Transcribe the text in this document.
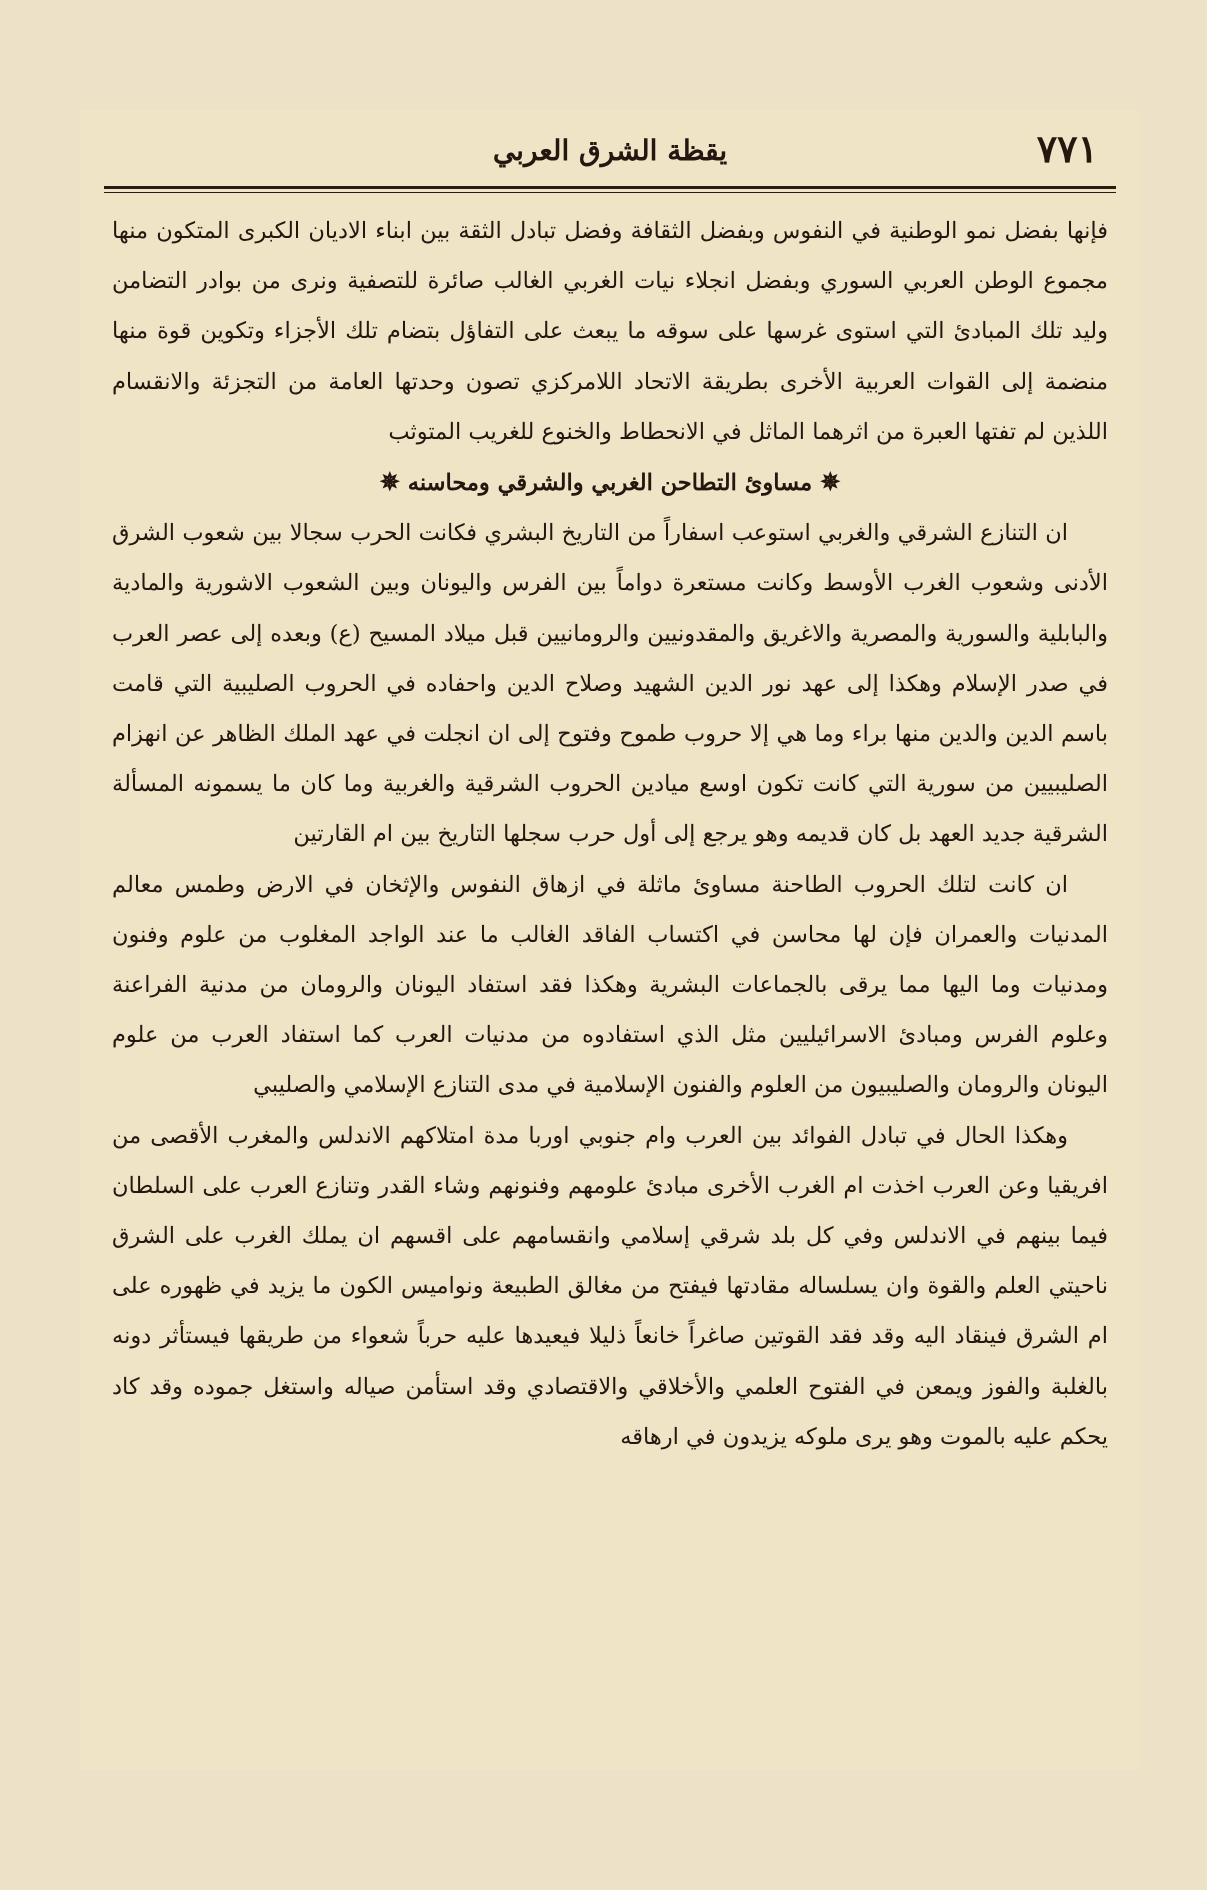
٧٧١
يقظة الشرق العربي

فإنها بفضل نمو الوطنية في النفوس وبفضل الثقافة وفضل تبادل الثقة بين ابناء الاديان الكبرى المتكون منها مجموع الوطن العربي السوري وبفضل انجلاء نيات الغربي الغالب صائرة للتصفية ونرى من بوادر التضامن وليد تلك المبادئ التي استوى غرسها على سوقه ما يبعث على التفاؤل بتضام تلك الأجزاء وتكوين قوة منها منضمة إلى القوات العربية الأخرى بطريقة الاتحاد اللامركزي تصون وحدتها العامة من التجزئة والانقسام اللذين لم تفتها العبرة من اثرهما الماثل في الانحطاط والخنوع للغريب المتوثب

✵مساوئ التطاحن الغربي والشرقي ومحاسنه✵

ان التنازع الشرقي والغربي استوعب اسفاراً من التاريخ البشري فكانت الحرب سجالا بين شعوب الشرق الأدنى وشعوب الغرب الأوسط وكانت مستعرة دواماً بين الفرس واليونان وبين الشعوب الاشورية والمادية والبابلية والسورية والمصرية والاغريق والمقدونيين والرومانيين قبل ميلاد المسيح (ع) وبعده إلى عصر العرب في صدر الإسلام وهكذا إلى عهد نور الدين الشهيد وصلاح الدين واحفاده في الحروب الصليبية التي قامت باسم الدين والدين منها براء وما هي إلا حروب طموح وفتوح إلى ان انجلت في عهد الملك الظاهر عن انهزام الصليبيين من سورية التي كانت تكون اوسع ميادين الحروب الشرقية والغربية وما كان ما يسمونه المسألة الشرقية جديد العهد بل كان قديمه وهو يرجع إلى أول حرب سجلها التاريخ بين ام القارتين

ان كانت لتلك الحروب الطاحنة مساوئ ماثلة في ازهاق النفوس والإثخان في الارض وطمس معالم المدنيات والعمران فإن لها محاسن في اكتساب الفاقد الغالب ما عند الواجد المغلوب من علوم وفنون ومدنيات وما اليها مما يرقى بالجماعات البشرية وهكذا فقد استفاد اليونان والرومان من مدنية الفراعنة وعلوم الفرس ومبادئ الاسرائيليين مثل الذي استفادوه من مدنيات العرب كما استفاد العرب من علوم اليونان والرومان والصليبيون من العلوم والفنون الإسلامية في مدى التنازع الإسلامي والصليبي

وهكذا الحال في تبادل الفوائد بين العرب وام جنوبي اوربا مدة امتلاكهم الاندلس والمغرب الأقصى من افريقيا وعن العرب اخذت ام الغرب الأخرى مبادئ علومهم وفنونهم وشاء القدر وتنازع العرب على السلطان فيما بينهم في الاندلس وفي كل بلد شرقي إسلامي وانقسامهم على اقسهم ان يملك الغرب على الشرق ناحيتي العلم والقوة وان يسلساله مقادتها فيفتح من مغالق الطبيعة ونواميس الكون ما يزيد في ظهوره على ام الشرق فينقاد اليه وقد فقد القوتين صاغراً خانعاً ذليلا فيعيدها عليه حرباً شعواء من طريقها فيستأثر دونه بالغلبة والفوز ويمعن في الفتوح العلمي والأخلاقي والاقتصادي وقد استأمن صياله واستغل جموده وقد كاد يحكم عليه بالموت وهو يرى ملوكه يزيدون في ارهاقه
